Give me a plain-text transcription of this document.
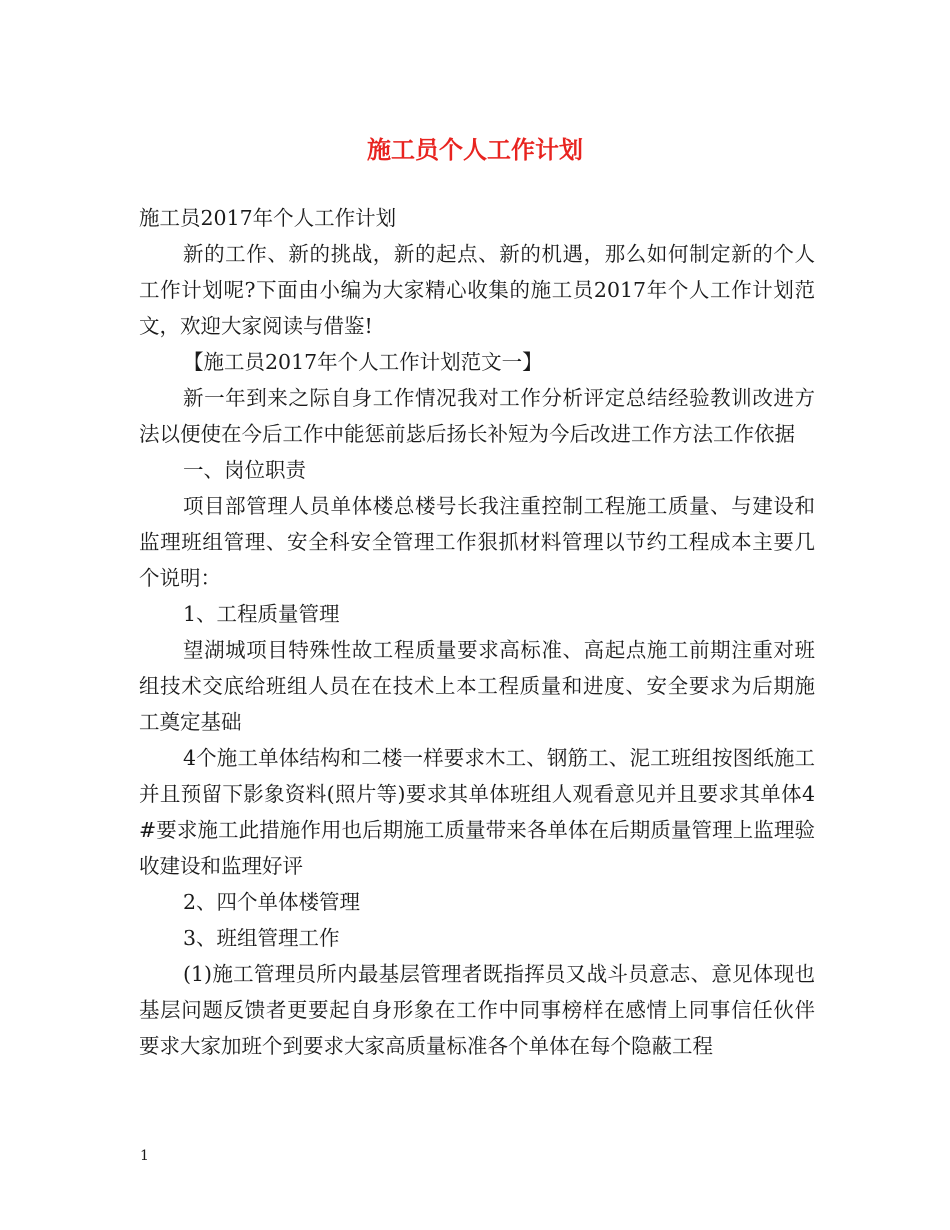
施工员个人工作计划

施工员2017年个人工作计划

新的工作、新的挑战，新的起点、新的机遇，那么如何制定新的个人工作计划呢?下面由小编为大家精心收集的施工员2017年个人工作计划范文，欢迎大家阅读与借鉴!

【施工员2017年个人工作计划范文一】

新一年到来之际自身工作情况我对工作分析评定总结经验教训改进方法以便使在今后工作中能惩前毖后扬长补短为今后改进工作方法工作依据

一、岗位职责

项目部管理人员单体楼总楼号长我注重控制工程施工质量、与建设和监理班组管理、安全科安全管理工作狠抓材料管理以节约工程成本主要几个说明：

1、工程质量管理

望湖城项目特殊性故工程质量要求高标准、高起点施工前期注重对班组技术交底给班组人员在在技术上本工程质量和进度、安全要求为后期施工奠定基础

4个施工单体结构和二楼一样要求木工、钢筋工、泥工班组按图纸施工并且预留下影象资料(照片等)要求其单体班组人观看意见并且要求其单体4#要求施工此措施作用也后期施工质量带来各单体在后期质量管理上监理验收建设和监理好评

2、四个单体楼管理

3、班组管理工作

(1)施工管理员所内最基层管理者既指挥员又战斗员意志、意见体现也基层问题反馈者更要起自身形象在工作中同事榜样在感情上同事信任伙伴要求大家加班个到要求大家高质量标准各个单体在每个隐蔽工程

1
